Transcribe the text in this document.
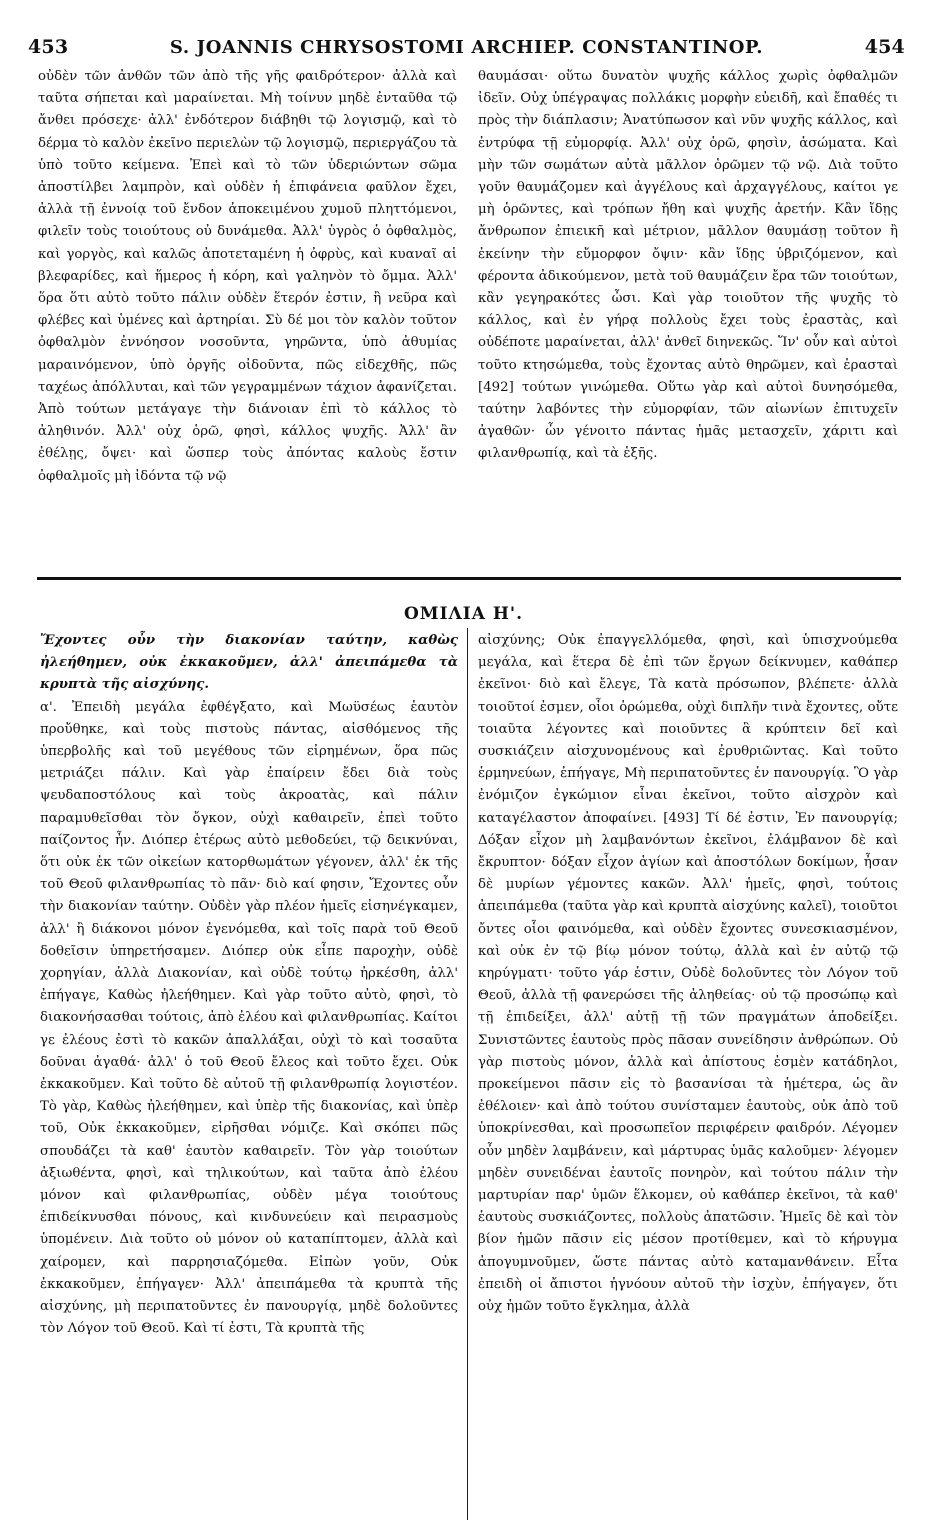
453	S. JOANNIS CHRYSOSTOMI ARCHIEP. CONSTANTINOP.	454

οὐδὲν τῶν ἀνθῶν τῶν ἀπὸ τῆς γῆς φαιδρότερον· ἀλλὰ καὶ ταῦτα σήπεται καὶ μαραίνεται. Μὴ τοίνυν μηδὲ ἐνταῦθα τῷ ἄνθει πρόσεχε· ἀλλ' ἐνδότερον διάβηθι τῷ λογισμῷ, καὶ τὸ δέρμα τὸ καλὸν ἐκεῖνο περιελὼν τῷ λογισμῷ, περιεργάζου τὰ ὑπὸ τοῦτο κείμενα. Ἐπεὶ καὶ τὸ τῶν ὑδεριώντων σῶμα ἀποστίλβει λαμπρὸν, καὶ οὐδὲν ἡ ἐπιφάνεια φαῦλον ἔχει, ἀλλὰ τῇ ἐννοίᾳ τοῦ ἔνδον ἀποκειμένου χυμοῦ πληττόμενοι, φιλεῖν τοὺς τοιούτους οὐ δυνάμεθα. Ἀλλ' ὑγρὸς ὁ ὀφθαλμὸς, καὶ γοργὸς, καὶ καλῶς ἀποτεταμένη ἡ ὀφρὺς, καὶ κυαναῖ αἱ βλεφαρίδες, καὶ ἥμερος ἡ κόρη, καὶ γαληνὸν τὸ ὄμμα. Ἀλλ' ὅρα ὅτι αὐτὸ τοῦτο πάλιν οὐδὲν ἕτερόν ἐστιν, ἢ νεῦρα καὶ φλέβες καὶ ὑμένες καὶ ἀρτηρίαι. Σὺ δέ μοι τὸν καλὸν τοῦτον ὀφθαλμὸν ἐννόησον νοσοῦντα, γηρῶντα, ὑπὸ ἀθυμίας μαραινόμενον, ὑπὸ ὀργῆς οἰδοῦντα, πῶς εἰδεχθῆς, πῶς ταχέως ἀπόλλυται, καὶ τῶν γεγραμμένων τάχιον ἀφανίζεται. Ἀπὸ τούτων μετάγαγε τὴν διάνοιαν ἐπὶ τὸ κάλλος τὸ ἀληθινόν. Ἀλλ' οὐχ ὁρῶ, φησὶ, κάλλος ψυχῆς. Ἀλλ' ἂν ἐθέλῃς, ὄψει· καὶ ὥσπερ τοὺς ἀπόντας καλοὺς ἔστιν ὀφθαλμοῖς μὴ ἰδόντα τῷ νῷ

θαυμάσαι· οὕτω δυνατὸν ψυχῆς κάλλος χωρὶς ὀφθαλμῶν ἰδεῖν. Οὐχ ὑπέγραψας πολλάκις μορφὴν εὐειδῆ, καὶ ἔπαθές τι πρὸς τὴν διάπλασιν; Ἀνατύπωσον καὶ νῦν ψυχῆς κάλλος, καὶ ἐντρύφα τῇ εὐμορφίᾳ. Ἀλλ' οὐχ ὁρῶ, φησὶν, ἀσώματα. Καὶ μὴν τῶν σωμάτων αὐτὰ μᾶλλον ὁρῶμεν τῷ νῷ. Διὰ τοῦτο γοῦν θαυμάζομεν καὶ ἀγγέλους καὶ ἀρχαγγέλους, καίτοι γε μὴ ὁρῶντες, καὶ τρόπων ἤθη καὶ ψυχῆς ἀρετήν. Κἂν ἴδῃς ἄνθρωπον ἐπιεικῆ καὶ μέτριον, μᾶλλον θαυμάσῃ τοῦτον ἢ ἐκείνην τὴν εὔμορφον ὄψιν· κἂν ἴδῃς ὑβριζόμενον, καὶ φέροντα ἀδικούμενον, μετὰ τοῦ θαυμάζειν ἔρα τῶν τοιούτων, κἂν γεγηρακότες ὦσι. Καὶ γὰρ τοιοῦτον τῆς ψυχῆς τὸ κάλλος, καὶ ἐν γήρᾳ πολλοὺς ἔχει τοὺς ἐραστὰς, καὶ οὐδέποτε μαραίνεται, ἀλλ' ἀνθεῖ διηνεκῶς. Ἵν' οὖν καὶ αὐτοὶ τοῦτο κτησώμεθα, τοὺς ἔχοντας αὐτὸ θηρῶμεν, καὶ ἐρασταὶ [492] τούτων γινώμεθα. Οὕτω γὰρ καὶ αὐτοὶ δυνησόμεθα, ταύτην λαβόντες τὴν εὐμορφίαν, τῶν αἰωνίων ἐπιτυχεῖν ἀγαθῶν· ὧν γένοιτο πάντας ἡμᾶς μετασχεῖν, χάριτι καὶ φιλανθρωπίᾳ, καὶ τὰ ἑξῆς.

ΟΜΙΛΙΑ Η'.

Ἔχοντες οὖν τὴν διακονίαν ταύτην, καθὼς ἠλεήθημεν, οὐκ ἐκκακοῦμεν, ἀλλ' ἀπειπάμεθα τὰ κρυπτὰ τῆς αἰσχύνης.

α'. Ἐπειδὴ μεγάλα ἐφθέγξατο, καὶ Μωϋσέως ἑαυτὸν προὔθηκε, καὶ τοὺς πιστοὺς πάντας, αἰσθόμενος τῆς ὑπερβολῆς καὶ τοῦ μεγέθους τῶν εἰρημένων, ὅρα πῶς μετριάζει πάλιν. Καὶ γὰρ ἐπαίρειν ἔδει διὰ τοὺς ψευδαποστόλους καὶ τοὺς ἀκροατὰς, καὶ πάλιν παραμυθεῖσθαι τὸν ὄγκον, οὐχὶ καθαιρεῖν, ἐπεὶ τοῦτο παίζοντος ἦν. Διόπερ ἑτέρως αὐτὸ μεθοδεύει, τῷ δεικνύναι, ὅτι οὐκ ἐκ τῶν οἰκείων κατορθωμάτων γέγονεν, ἀλλ' ἐκ τῆς τοῦ Θεοῦ φιλανθρωπίας τὸ πᾶν· διὸ καί φησιν, Ἔχοντες οὖν τὴν διακονίαν ταύτην. Οὐδὲν γὰρ πλέον ἡμεῖς εἰσηνέγκαμεν, ἀλλ' ἢ διάκονοι μόνον ἐγενόμεθα, καὶ τοῖς παρὰ τοῦ Θεοῦ δοθεῖσιν ὑπηρετήσαμεν. Διόπερ οὐκ εἶπε παροχὴν, οὐδὲ χορηγίαν, ἀλλὰ Διακονίαν, καὶ οὐδὲ τούτῳ ἠρκέσθη, ἀλλ' ἐπήγαγε, Καθὼς ἠλεήθημεν. Καὶ γὰρ τοῦτο αὐτὸ, φησὶ, τὸ διακονήσασθαι τούτοις, ἀπὸ ἐλέου καὶ φιλανθρωπίας. Καίτοι γε ἐλέους ἐστὶ τὸ κακῶν ἀπαλλάξαι, οὐχὶ τὸ καὶ τοσαῦτα δοῦναι ἀγαθά· ἀλλ' ὁ τοῦ Θεοῦ ἔλεος καὶ τοῦτο ἔχει. Οὐκ ἐκκακοῦμεν. Καὶ τοῦτο δὲ αὐτοῦ τῇ φιλανθρωπίᾳ λογιστέον. Τὸ γὰρ, Καθὼς ἠλεήθημεν, καὶ ὑπὲρ τῆς διακονίας, καὶ ὑπὲρ τοῦ, Οὐκ ἐκκακοῦμεν, εἰρῆσθαι νόμιζε. Καὶ σκόπει πῶς σπουδάζει τὰ καθ' ἑαυτὸν καθαιρεῖν. Τὸν γὰρ τοιούτων ἀξιωθέντα, φησὶ, καὶ τηλικούτων, καὶ ταῦτα ἀπὸ ἐλέου μόνον καὶ φιλανθρωπίας, οὐδὲν μέγα τοιούτους ἐπιδείκνυσθαι πόνους, καὶ κινδυνεύειν καὶ πειρασμοὺς ὑπομένειν. Διὰ τοῦτο οὐ μόνον οὐ καταπίπτομεν, ἀλλὰ καὶ χαίρομεν, καὶ παρρησιαζόμεθα. Εἰπὼν γοῦν, Οὐκ ἐκκακοῦμεν, ἐπήγαγεν· Ἀλλ' ἀπειπάμεθα τὰ κρυπτὰ τῆς αἰσχύνης, μὴ περιπατοῦντες ἐν πανουργίᾳ, μηδὲ δολοῦντες τὸν Λόγον τοῦ Θεοῦ. Καὶ τί ἐστι, Τὰ κρυπτὰ τῆς

αἰσχύνης; Οὐκ ἐπαγγελλόμεθα, φησὶ, καὶ ὑπισχνούμεθα μεγάλα, καὶ ἕτερα δὲ ἐπὶ τῶν ἔργων δείκνυμεν, καθάπερ ἐκεῖνοι· διὸ καὶ ἔλεγε, Τὰ κατὰ πρόσωπον, βλέπετε· ἀλλὰ τοιοῦτοί ἐσμεν, οἷοι ὁρώμεθα, οὐχὶ διπλῆν τινὰ ἔχοντες, οὔτε τοιαῦτα λέγοντες καὶ ποιοῦντες ἃ κρύπτειν δεῖ καὶ συσκιάζειν αἰσχυνομένους καὶ ἐρυθριῶντας. Καὶ τοῦτο ἑρμηνεύων, ἐπήγαγε, Μὴ περιπατοῦντες ἐν πανουργίᾳ. Ὃ γὰρ ἐνόμιζον ἐγκώμιον εἶναι ἐκεῖνοι, τοῦτο αἰσχρὸν καὶ καταγέλαστον ἀποφαίνει. [493] Τί δέ ἐστιν, Ἐν πανουργίᾳ; Δόξαν εἶχον μὴ λαμβανόντων ἐκεῖνοι, ἐλάμβανον δὲ καὶ ἔκρυπτον· δόξαν εἶχον ἁγίων καὶ ἀποστόλων δοκίμων, ἦσαν δὲ μυρίων γέμοντες κακῶν. Ἀλλ' ἡμεῖς, φησὶ, τούτοις ἀπειπάμεθα (ταῦτα γὰρ καὶ κρυπτὰ αἰσχύνης καλεῖ), τοιοῦτοι ὄντες οἷοι φαινόμεθα, καὶ οὐδὲν ἔχοντες συνεσκιασμένον, καὶ οὐκ ἐν τῷ βίῳ μόνον τούτῳ, ἀλλὰ καὶ ἐν αὐτῷ τῷ κηρύγματι· τοῦτο γάρ ἐστιν, Οὐδὲ δολοῦντες τὸν Λόγον τοῦ Θεοῦ, ἀλλὰ τῇ φανερώσει τῆς ἀληθείας· οὐ τῷ προσώπῳ καὶ τῇ ἐπιδείξει, ἀλλ' αὐτῇ τῇ τῶν πραγμάτων ἀποδείξει. Συνιστῶντες ἑαυτοὺς πρὸς πᾶσαν συνείδησιν ἀνθρώπων. Οὐ γὰρ πιστοὺς μόνον, ἀλλὰ καὶ ἀπίστους ἐσμὲν κατάδηλοι, προκείμενοι πᾶσιν εἰς τὸ βασανίσαι τὰ ἡμέτερα, ὡς ἂν ἐθέλοιεν· καὶ ἀπὸ τούτου συνίσταμεν ἑαυτοὺς, οὐκ ἀπὸ τοῦ ὑποκρίνεσθαι, καὶ προσωπεῖον περιφέρειν φαιδρόν. Λέγομεν οὖν μηδὲν λαμβάνειν, καὶ μάρτυρας ὑμᾶς καλοῦμεν· λέγομεν μηδὲν συνειδέναι ἑαυτοῖς πονηρὸν, καὶ τούτου πάλιν τὴν μαρτυρίαν παρ' ὑμῶν ἕλκομεν, οὐ καθάπερ ἐκεῖνοι, τὰ καθ' ἑαυτοὺς συσκιάζοντες, πολλοὺς ἀπατῶσιν. Ἡμεῖς δὲ καὶ τὸν βίον ἡμῶν πᾶσιν εἰς μέσον προτίθεμεν, καὶ τὸ κήρυγμα ἀπογυμνοῦμεν, ὥστε πάντας αὐτὸ καταμανθάνειν. Εἶτα ἐπειδὴ οἱ ἄπιστοι ἠγνόουν αὐτοῦ τὴν ἰσχὺν, ἐπήγαγεν, ὅτι οὐχ ἡμῶν τοῦτο ἔγκλημα, ἀλλὰ
